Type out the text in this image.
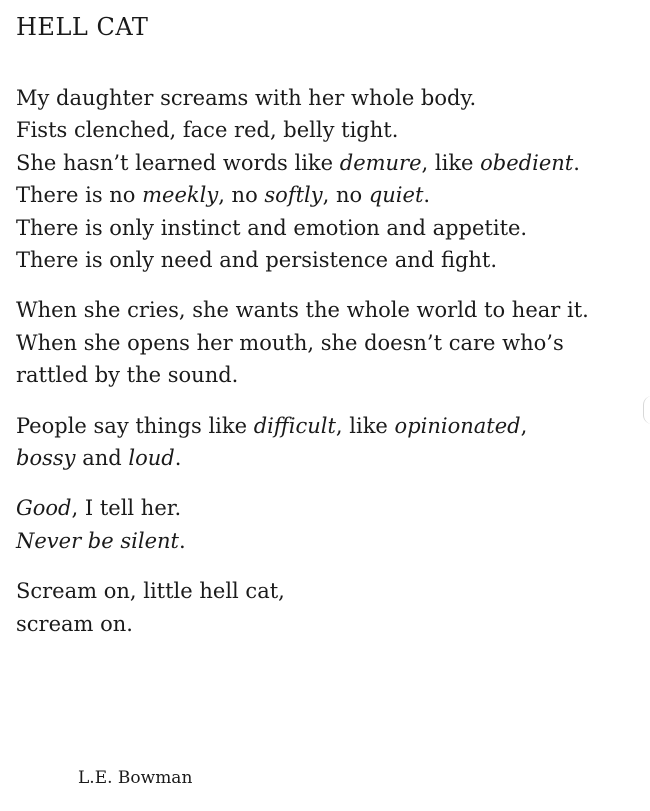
HELL CAT
My daughter screams with her whole body.
Fists clenched, face red, belly tight.
She hasn’t learned words like demure, like obedient.
There is no meekly, no softly, no quiet.
There is only instinct and emotion and appetite.
There is only need and persistence and fight.
When she cries, she wants the whole world to hear it.
When she opens her mouth, she doesn’t care who’s
rattled by the sound.
People say things like difficult, like opinionated,
bossy and loud.
Good, I tell her.
Never be silent.
Scream on, little hell cat,
scream on.
L.E. Bowman
